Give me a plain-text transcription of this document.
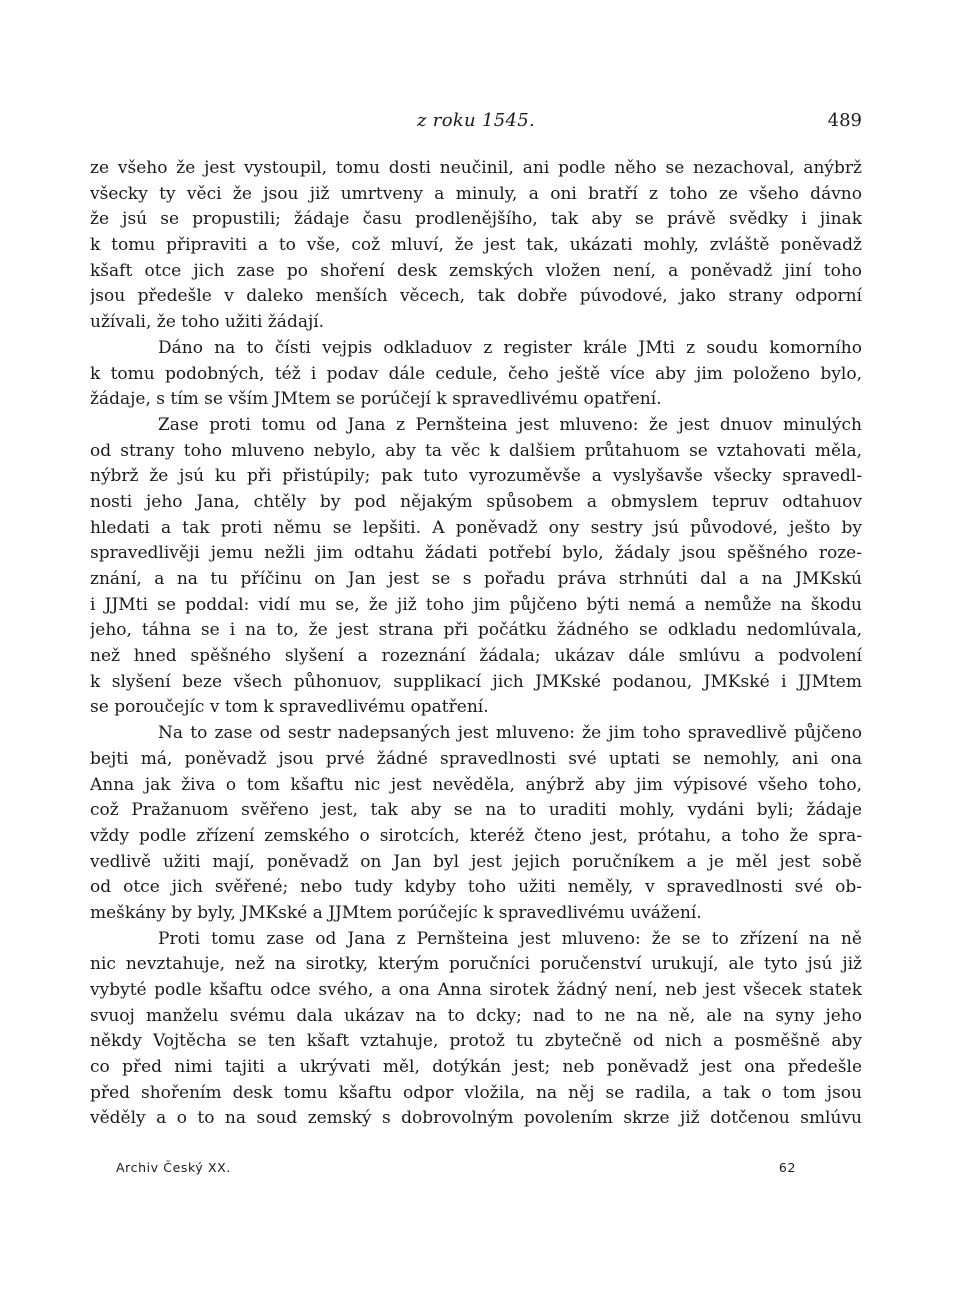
z roku 1545.	489
ze všeho že jest vystoupil, tomu dosti neučinil, ani podle něho se nezachoval, anýbrž
všecky ty věci že jsou již umrtveny a minuly, a oni bratří z toho ze všeho dávno
že jsú se propustili; žádaje času prodlenějšího, tak aby se právě svědky i jinak
k tomu připraviti a to vše, což mluví, že jest tak, ukázati mohly, zvláště poněvadž
kšaft otce jich zase po shoření desk zemských vložen není, a poněvadž jiní toho
jsou předešle v daleko menších věcech, tak dobře púvodové, jako strany odporní
užívali, že toho užiti žádají.
Dáno na to čísti vejpis odkladuov z register krále JMti z soudu komorního
k tomu podobných, též i podav dále cedule, čeho ještě více aby jim položeno bylo,
žádaje, s tím se vším JMtem se porúčejí k spravedlivému opatření.
Zase proti tomu od Jana z Pernšteina jest mluveno: že jest dnuov minulých
od strany toho mluveno nebylo, aby ta věc k dalšiem průtahuom se vztahovati měla,
nýbrž že jsú ku při přistúpily; pak tuto vyrozuměvše a vyslyšavše všecky spravedl-
nosti jeho Jana, chtěly by pod nějakým spůsobem a obmyslem tepruv odtahuov
hledati a tak proti němu se lepšiti. A poněvadž ony sestry jsú původové, ještо by
spravedlivěji jemu nežli jim odtahu žádati potřebí bylo, žádaly jsou spěšného roze-
znání, a na tu příčinu on Jan jest se s pořadu práva strhnúti dal a na JMKskú
i JJMti se poddal: vidí mu se, že již toho jim půjčeno býti nemá a nemůže na škodu
jeho, táhna se i na to, že jest strana při počátku žádného se odkladu nedomlúvala,
než hned spěšného slyšení a rozeznání žádala; ukázav dále smlúvu a podvolení
k slyšení beze všech půhonuov, supplikací jich JMKské podanou, JMKské i JJMtem
se poroučejíc v tom k spravedlivému opatření.
Na to zase od sestr nadepsaných jest mluveno: že jim toho spravedlivě půjčeno
bejti má, poněvadž jsou prvé žádné spravedlnosti své uptati se nemohly, ani ona
Anna jak živa o tom kšaftu nic jest nevěděla, anýbrž aby jim výpisové všeho toho,
což Pražanuom svěřeno jest, tak aby se na to uraditi mohly, vydáni byli; žádaje
vždy podle zřízení zemského o sirotcích, kteréž čteno jest, prótahu, a toho že spra-
vedlivě užiti mají, poněvadž on Jan byl jest jejich poručníkem a je měl jest sobě
od otce jich svěřené; nebo tudy kdyby toho užiti neměly, v spravedlnosti své ob-
meškány by byly, JMKské a JJMtem porúčejíc k spravedlivému uvážení.
Proti tomu zase od Jana z Pernšteina jest mluveno: že se to zřízení na ně
nic nevztahuje, než na sirotky, kterým poručníci poručenství urukují, ale tyto jsú již
vybyté podle kšaftu odce svého, a ona Anna sirotek žádný není, neb jest všecek statek
svuoj manželu svému dala ukázav na to dcky; nad to ne na ně, ale na syny jeho
někdy Vojtěcha se ten kšaft vztahuje, protož tu zbytečně od nich a posměšně aby
co před nimi tajiti a ukrývati měl, dotýkán jest; neb poněvadž jest ona předešle
před shořením desk tomu kšaftu odpor vložila, na něj se radila, a tak o tom jsou
věděly a o to na soud zemský s dobrovolným povolením skrze již dotčenou smlúvu
Archiv Český XX.	62
